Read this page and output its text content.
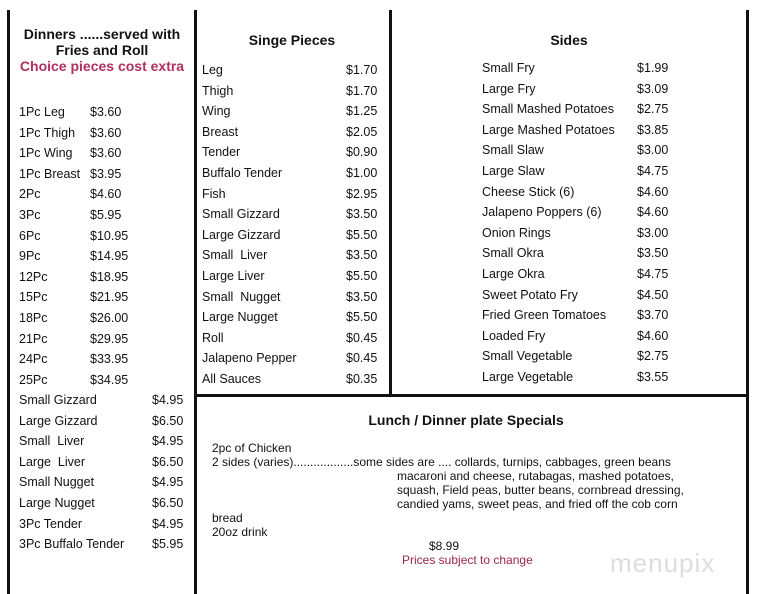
Dinners ......served with
Fries and Roll
Choice pieces cost extra
1Pc Leg $3.60
1Pc Thigh $3.60
1Pc Wing $3.60
1Pc Breast $3.95
2Pc	$4.60
3Pc	$5.95
6Pc	$10.95
9Pc	$14.95
12Pc	$18.95
15Pc	$21.95
18Pc	$26.00
21Pc	$29.95
24Pc	$33.95
25Pc	$34.95
Small Gizzard	$4.95
Large Gizzard	$6.50
Small  Liver	$4.95
Large  Liver	$6.50
Small Nugget	$4.95
Large Nugget	$6.50
3Pc Tender	$4.95
3Pc Buffalo Tender $5.95
Singe Pieces
Leg	$1.70
Thigh	$1.70
Wing	$1.25
Breast	$2.05
Tender	$0.90
Buffalo Tender	$1.00
Fish	$2.95
Small Gizzard	$3.50
Large Gizzard	$5.50
Small  Liver	$3.50
Large Liver	$5.50
Small  Nugget	$3.50
Large Nugget	$5.50
Roll	$0.45
Jalapeno Pepper	$0.45
All Sauces	$0.35
Sides
Small Fry	$1.99
Large Fry	$3.09
Small Mashed Potatoes $2.75
Large Mashed Potatoes $3.85
Small Slaw	$3.00
Large Slaw	$4.75
Cheese Stick (6)	$4.60
Jalapeno Poppers (6)	$4.60
Onion Rings	$3.00
Small Okra	$3.50
Large Okra	$4.75
Sweet Potato Fry	$4.50
Fried Green Tomatoes $3.70
Loaded Fry	$4.60
Small Vegetable	$2.75
Large Vegetable	$3.55
Lunch / Dinner plate Specials
2pc of Chicken
2 sides (varies)..................some sides are .... collards, turnips, cabbages, green beans
macaroni and cheese, rutabagas, mashed potatoes,
squash, Field peas, butter beans, cornbread dressing,
candied yams, sweet peas, and fried off the cob corn
bread
20oz drink
$8.99
Prices subject to change	menupix
